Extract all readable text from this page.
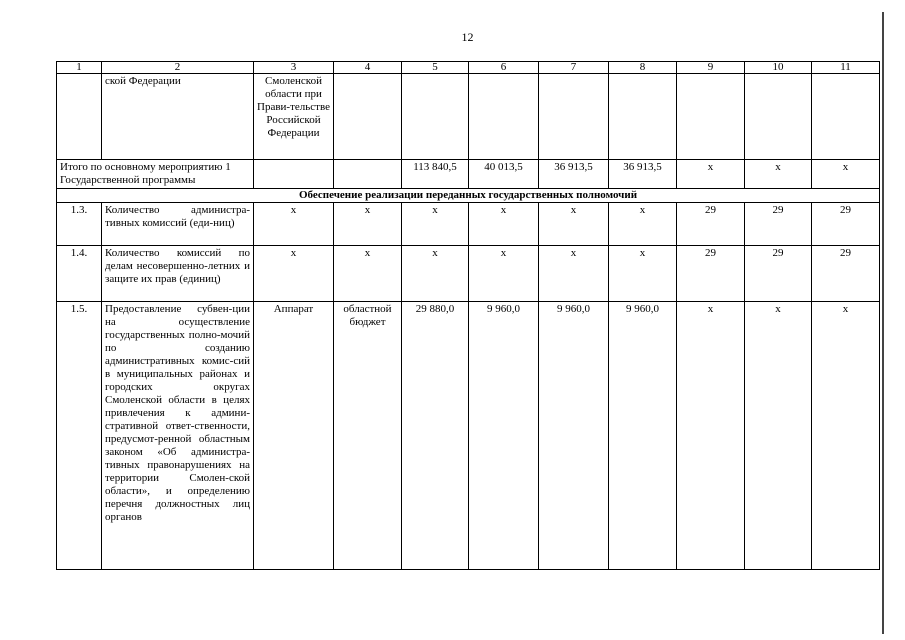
12
1	2	3	4	5	6	7	8	9	10	11
	ской Федерации	Смоленской области при Прави-тельстве Российской Федерации								
Итого по основному мероприятию 1 Государственной программы				113 840,5	40 013,5	36 913,5	36 913,5	x	x	x
Обеспечение реализации переданных государственных полномочий										
1.3.	Количество администра-тивных комиссий (еди-ниц)	x	x	x	x	x	x	29	29	29
1.4.	Количество комиссий по делам несовершенно-летних и защите их прав (единиц)	x	x	x	x	x	x	29	29	29
1.5.	Предоставление субвен-ции на осуществление государственных полно-мочий по созданию административных комис-сий в муниципальных районах и городских округах Смоленской области в целях привлечения к админи-стративной ответ-ственности, предусмот-ренной областным законом «Об администра-тивных правонарушениях на территории Смолен-ской области», и определению перечня должностных лиц органов	Аппарат	областной бюджет	29 880,0	9 960,0	9 960,0	9 960,0	x	x	x
